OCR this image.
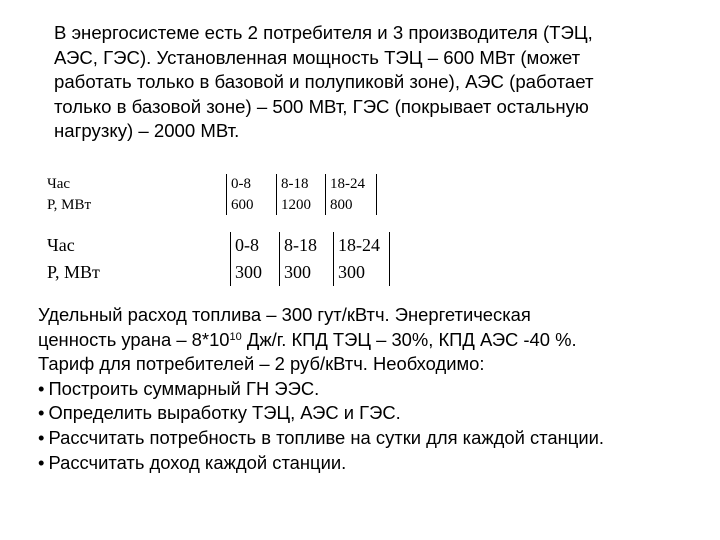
В энергосистеме есть 2 потребителя и 3 производителя (ТЭЦ,

АЭС, ГЭС). Установленная мощность ТЭЦ – 600 МВт (может

работать только в базовой и полупиковй зоне), АЭС (работает

только в базовой зоне) – 500 МВт, ГЭС (покрывает остальную

нагрузку) – 2000 МВт.

Час	0-8	8-18	18-24
P, МВт	600	1200	800
Час	0-8	8-18	18-24
P, МВт	300	300	300

Удельный расход топлива – 300 гут/кВтч. Энергетическая

ценность урана – $8*10^{10}$ Дж/г. КПД ТЭЦ – 30%, КПД АЭС -40 %.

Тариф для потребителей – 2 руб/кВтч. Необходимо:

• Построить суммарный ГН ЭЭС.
• Определить выработку ТЭЦ, АЭС и ГЭС.
• Рассчитать потребность в топливе на сутки для каждой станции.
• Рассчитать доход каждой станции.
